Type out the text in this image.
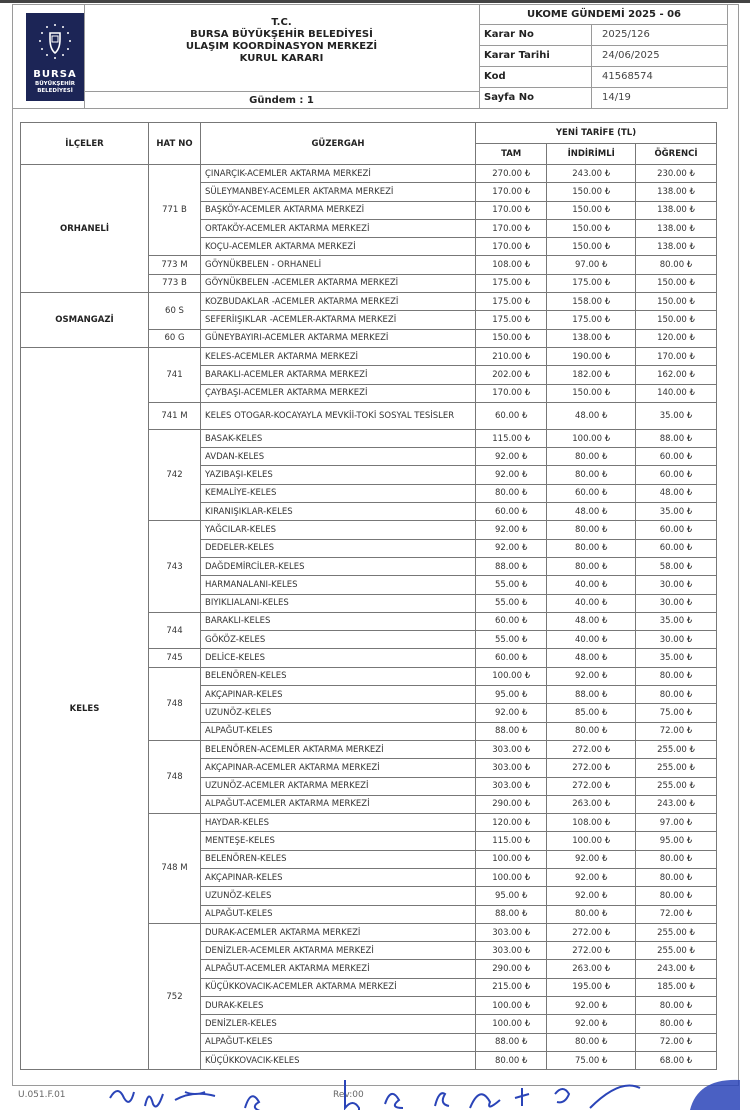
BURSA
BÜYÜKŞEHİR
BELEDİYESİ
T.C.
BURSA BÜYÜKŞEHİR BELEDİYESİ
ULAŞIM KOORDİNASYON MERKEZİ
KURUL KARARI
Gündem : 1
UKOME GÜNDEMİ 2025 - 06
Karar No	2025/126
Karar Tarihi	24/06/2025
Kod	41568574
Sayfa No	14/19
İLÇELER	HAT NO	GÜZERGAH	YENİ TARİFE (TL)		
			TAM	İNDİRİMLİ	ÖĞRENCİ
ORHANELİ	771 B	ÇINARÇIK-ACEMLER AKTARMA MERKEZİ	270.00 ₺	243.00 ₺	230.00 ₺
		SÜLEYMANBEY-ACEMLER AKTARMA MERKEZİ	170.00 ₺	150.00 ₺	138.00 ₺
		BAŞKÖY-ACEMLER AKTARMA MERKEZİ	170.00 ₺	150.00 ₺	138.00 ₺
		ORTAKÖY-ACEMLER AKTARMA MERKEZİ	170.00 ₺	150.00 ₺	138.00 ₺
		KOÇU-ACEMLER AKTARMA MERKEZİ	170.00 ₺	150.00 ₺	138.00 ₺
	773 M	GÖYNÜKBELEN - ORHANELİ	108.00 ₺	97.00 ₺	80.00 ₺
	773 B	GÖYNÜKBELEN -ACEMLER AKTARMA MERKEZİ	175.00 ₺	175.00 ₺	150.00 ₺
OSMANGAZİ	60 S	KOZBUDAKLAR -ACEMLER AKTARMA MERKEZİ	175.00 ₺	158.00 ₺	150.00 ₺
		SEFERİIŞIKLAR -ACEMLER-AKTARMA MERKEZİ	175.00 ₺	175.00 ₺	150.00 ₺
	60 G	GÜNEYBAYIRI-ACEMLER AKTARMA MERKEZİ	150.00 ₺	138.00 ₺	120.00 ₺
KELES	741	KELES-ACEMLER AKTARMA MERKEZİ	210.00 ₺	190.00 ₺	170.00 ₺
		BARAKLI-ACEMLER AKTARMA MERKEZİ	202.00 ₺	182.00 ₺	162.00 ₺
		ÇAYBAŞI-ACEMLER AKTARMA MERKEZİ	170.00 ₺	150.00 ₺	140.00 ₺
	741 M	KELES OTOGAR-KOCAYAYLA MEVKİİ-TOKİ SOSYAL TESİSLER	60.00 ₺	48.00 ₺	35.00 ₺
	742	BASAK-KELES	115.00 ₺	100.00 ₺	88.00 ₺
		AVDAN-KELES	92.00 ₺	80.00 ₺	60.00 ₺
		YAZIBAŞI-KELES	92.00 ₺	80.00 ₺	60.00 ₺
		KEMALİYE-KELES	80.00 ₺	60.00 ₺	48.00 ₺
		KIRANIŞIKLAR-KELES	60.00 ₺	48.00 ₺	35.00 ₺
	743	YAĞCILAR-KELES	92.00 ₺	80.00 ₺	60.00 ₺
		DEDELER-KELES	92.00 ₺	80.00 ₺	60.00 ₺
		DAĞDEMİRCİLER-KELES	88.00 ₺	80.00 ₺	58.00 ₺
		HARMANALANI-KELES	55.00 ₺	40.00 ₺	30.00 ₺
		BIYIKLIALANI-KELES	55.00 ₺	40.00 ₺	30.00 ₺
	744	BARAKLI-KELES	60.00 ₺	48.00 ₺	35.00 ₺
		GÖKÖZ-KELES	55.00 ₺	40.00 ₺	30.00 ₺
	745	DELİCE-KELES	60.00 ₺	48.00 ₺	35.00 ₺
	748	BELENÖREN-KELES	100.00 ₺	92.00 ₺	80.00 ₺
		AKÇAPINAR-KELES	95.00 ₺	88.00 ₺	80.00 ₺
		UZUNÖZ-KELES	92.00 ₺	85.00 ₺	75.00 ₺
		ALPAĞUT-KELES	88.00 ₺	80.00 ₺	72.00 ₺
	748	BELENÖREN-ACEMLER AKTARMA MERKEZİ	303.00 ₺	272.00 ₺	255.00 ₺
		AKÇAPINAR-ACEMLER AKTARMA MERKEZİ	303.00 ₺	272.00 ₺	255.00 ₺
		UZUNÖZ-ACEMLER AKTARMA MERKEZİ	303.00 ₺	272.00 ₺	255.00 ₺
		ALPAĞUT-ACEMLER AKTARMA MERKEZİ	290.00 ₺	263.00 ₺	243.00 ₺
	748 M	HAYDAR-KELES	120.00 ₺	108.00 ₺	97.00 ₺
		MENTEŞE-KELES	115.00 ₺	100.00 ₺	95.00 ₺
		BELENÖREN-KELES	100.00 ₺	92.00 ₺	80.00 ₺
		AKÇAPINAR-KELES	100.00 ₺	92.00 ₺	80.00 ₺
		UZUNÖZ-KELES	95.00 ₺	92.00 ₺	80.00 ₺
		ALPAĞUT-KELES	88.00 ₺	80.00 ₺	72.00 ₺
	752	DURAK-ACEMLER AKTARMA MERKEZİ	303.00 ₺	272.00 ₺	255.00 ₺
		DENİZLER-ACEMLER AKTARMA MERKEZİ	303.00 ₺	272.00 ₺	255.00 ₺
		ALPAĞUT-ACEMLER AKTARMA MERKEZİ	290.00 ₺	263.00 ₺	243.00 ₺
		KÜÇÜKKOVACIK-ACEMLER AKTARMA MERKEZİ	215.00 ₺	195.00 ₺	185.00 ₺
		DURAK-KELES	100.00 ₺	92.00 ₺	80.00 ₺
		DENİZLER-KELES	100.00 ₺	92.00 ₺	80.00 ₺
		ALPAĞUT-KELES	88.00 ₺	80.00 ₺	72.00 ₺
		KÜÇÜKKOVACIK-KELES	80.00 ₺	75.00 ₺	68.00 ₺
U.051.F.01	Rev:00
